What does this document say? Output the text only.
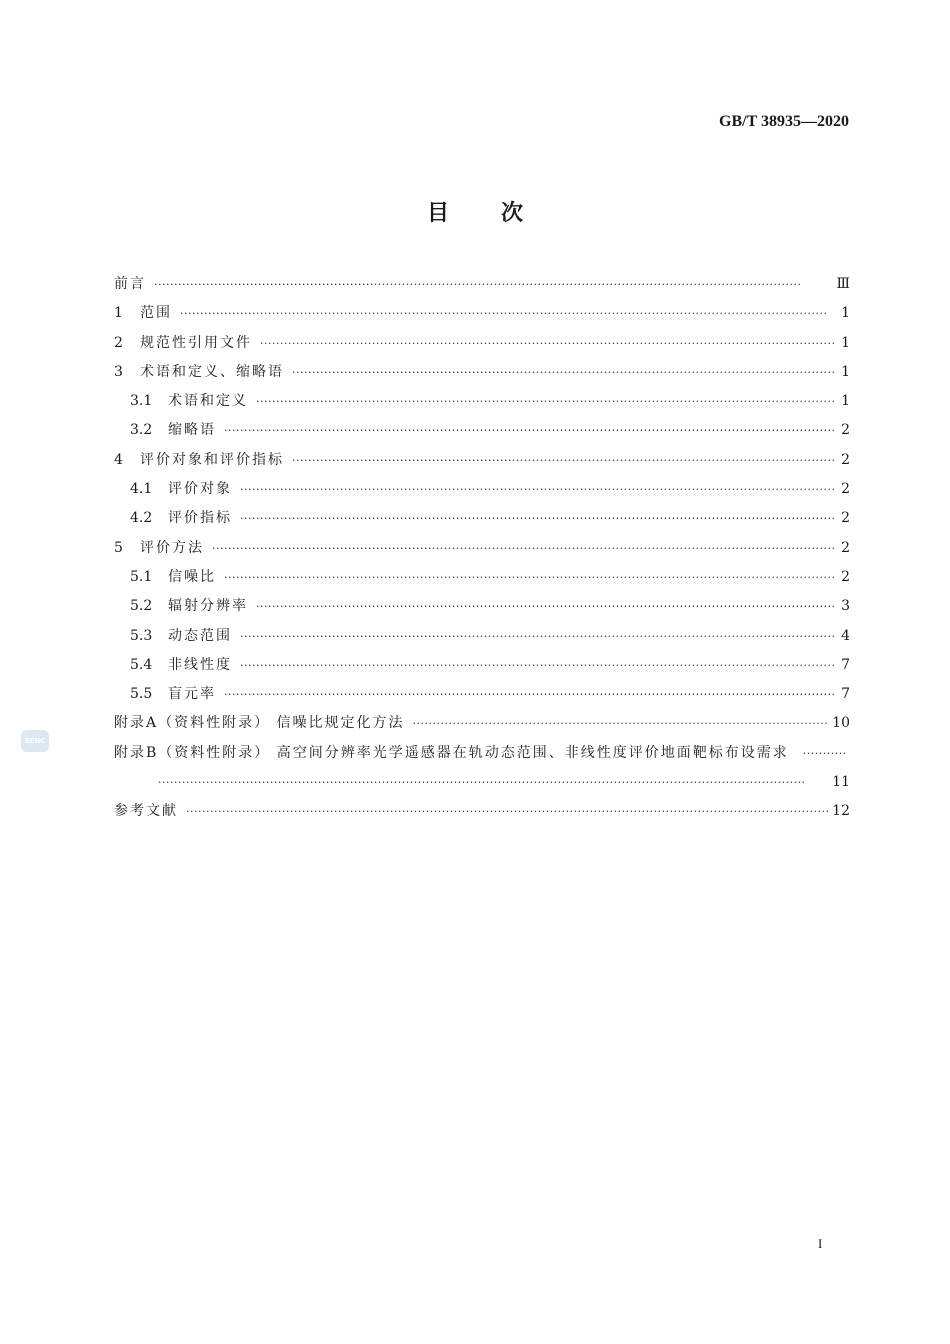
GB/T 38935—2020
目次
前言 ·····	Ⅲ
1	范围 ·····	1
2	规范性引用文件 ·····	1
3	术语和定义、缩略语 ·····	1
3.1	术语和定义 ·····	1
3.2	缩略语 ·····	2
4	评价对象和评价指标 ·····	2
4.1	评价对象 ·····	2
4.2	评价指标 ·····	2
5	评价方法 ·····	2
5.1	信噪比 ·····	2
5.2	辐射分辨率 ·····	3
5.3	动态范围 ·····	4
5.4	非线性度 ·····	7
5.5	盲元率 ·····	7
附录A（资料性附录） 信噪比规定化方法 ·····	10
附录B（资料性附录） 高空间分辨率光学遥感器在轨动态范围、非线性度评价地面靶标布设需求
·····
·····
11
参考文献 ·····	12
SENC
I
